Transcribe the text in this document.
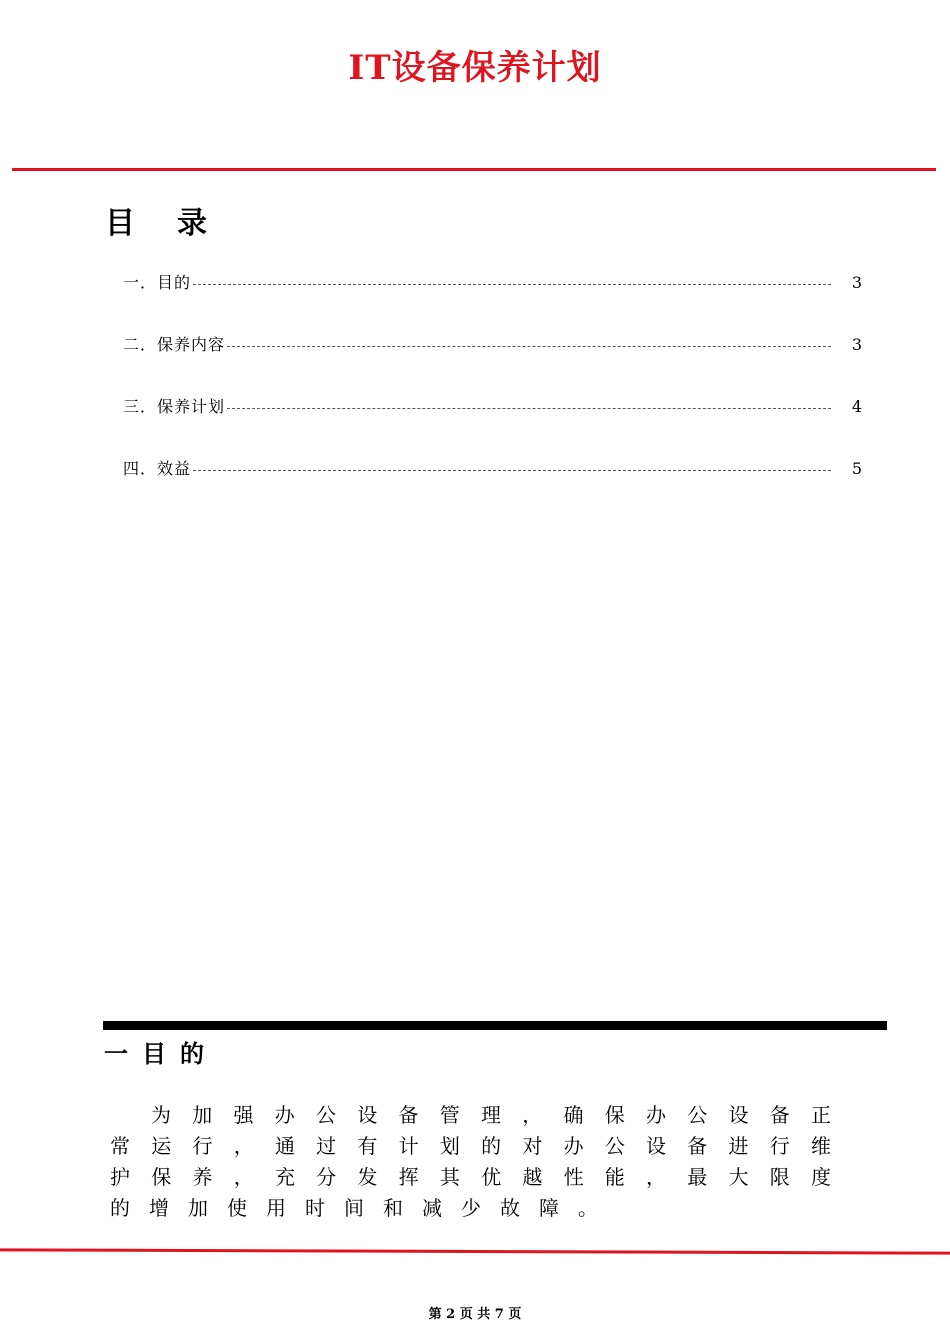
IT设备保养计划
目录
一．目的	3
二．保养内容	3
三．保养计划	4
四．效益	5
一目的

为加强办公设备管理，确保办公设备正常运行，通过有计划的对办公设备进行维护保养，充分发挥其优越性能，最大限度的增加使用时间和减少故障。

第 2 页 共 7 页
